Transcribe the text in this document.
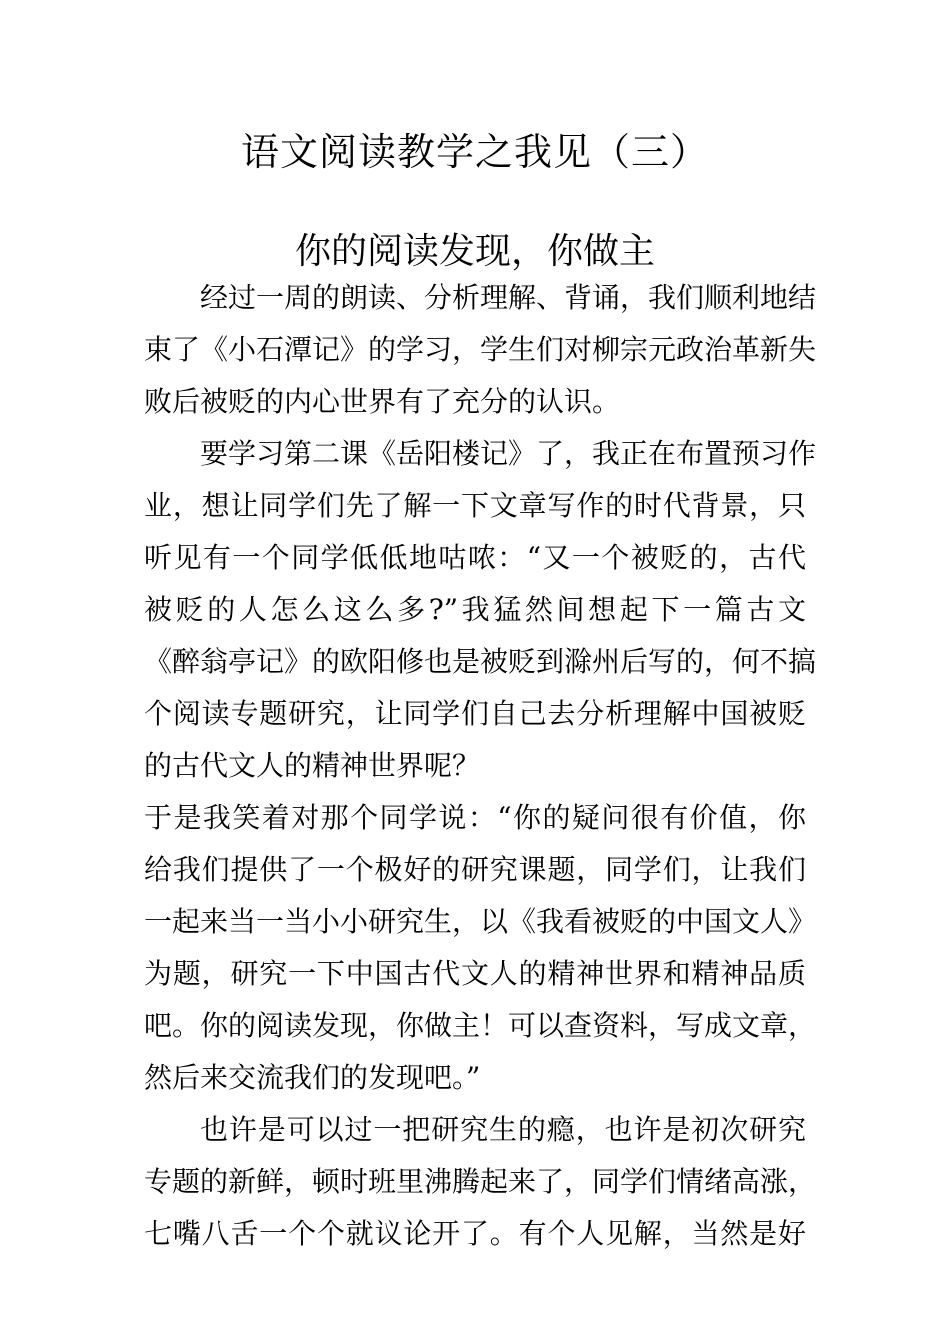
语文阅读教学之我见（三）
你的阅读发现，你做主

经过一周的朗读、分析理解、背诵，我们顺利地结
束了《小石潭记》的学习，学生们对柳宗元政治革新失
败后被贬的内心世界有了充分的认识。

要学习第二课《岳阳楼记》了，我正在布置预习作
业，想让同学们先了解一下文章写作的时代背景，只
听见有一个同学低低地咕哝：“又一个被贬的，古代
被贬的人怎么这么多?”我猛然间想起下一篇古文
《醉翁亭记》的欧阳修也是被贬到滁州后写的，何不搞
个阅读专题研究，让同学们自己去分析理解中国被贬
的古代文人的精神世界呢？

于是我笑着对那个同学说：“你的疑问很有价值，你
给我们提供了一个极好的研究课题，同学们，让我们
一起来当一当小小研究生，以《我看被贬的中国文人》
为题，研究一下中国古代文人的精神世界和精神品质
吧。你的阅读发现，你做主！可以查资料，写成文章，
然后来交流我们的发现吧。”

也许是可以过一把研究生的瘾，也许是初次研究
专题的新鲜，顿时班里沸腾起来了，同学们情绪高涨，
七嘴八舌一个个就议论开了。有个人见解，当然是好
